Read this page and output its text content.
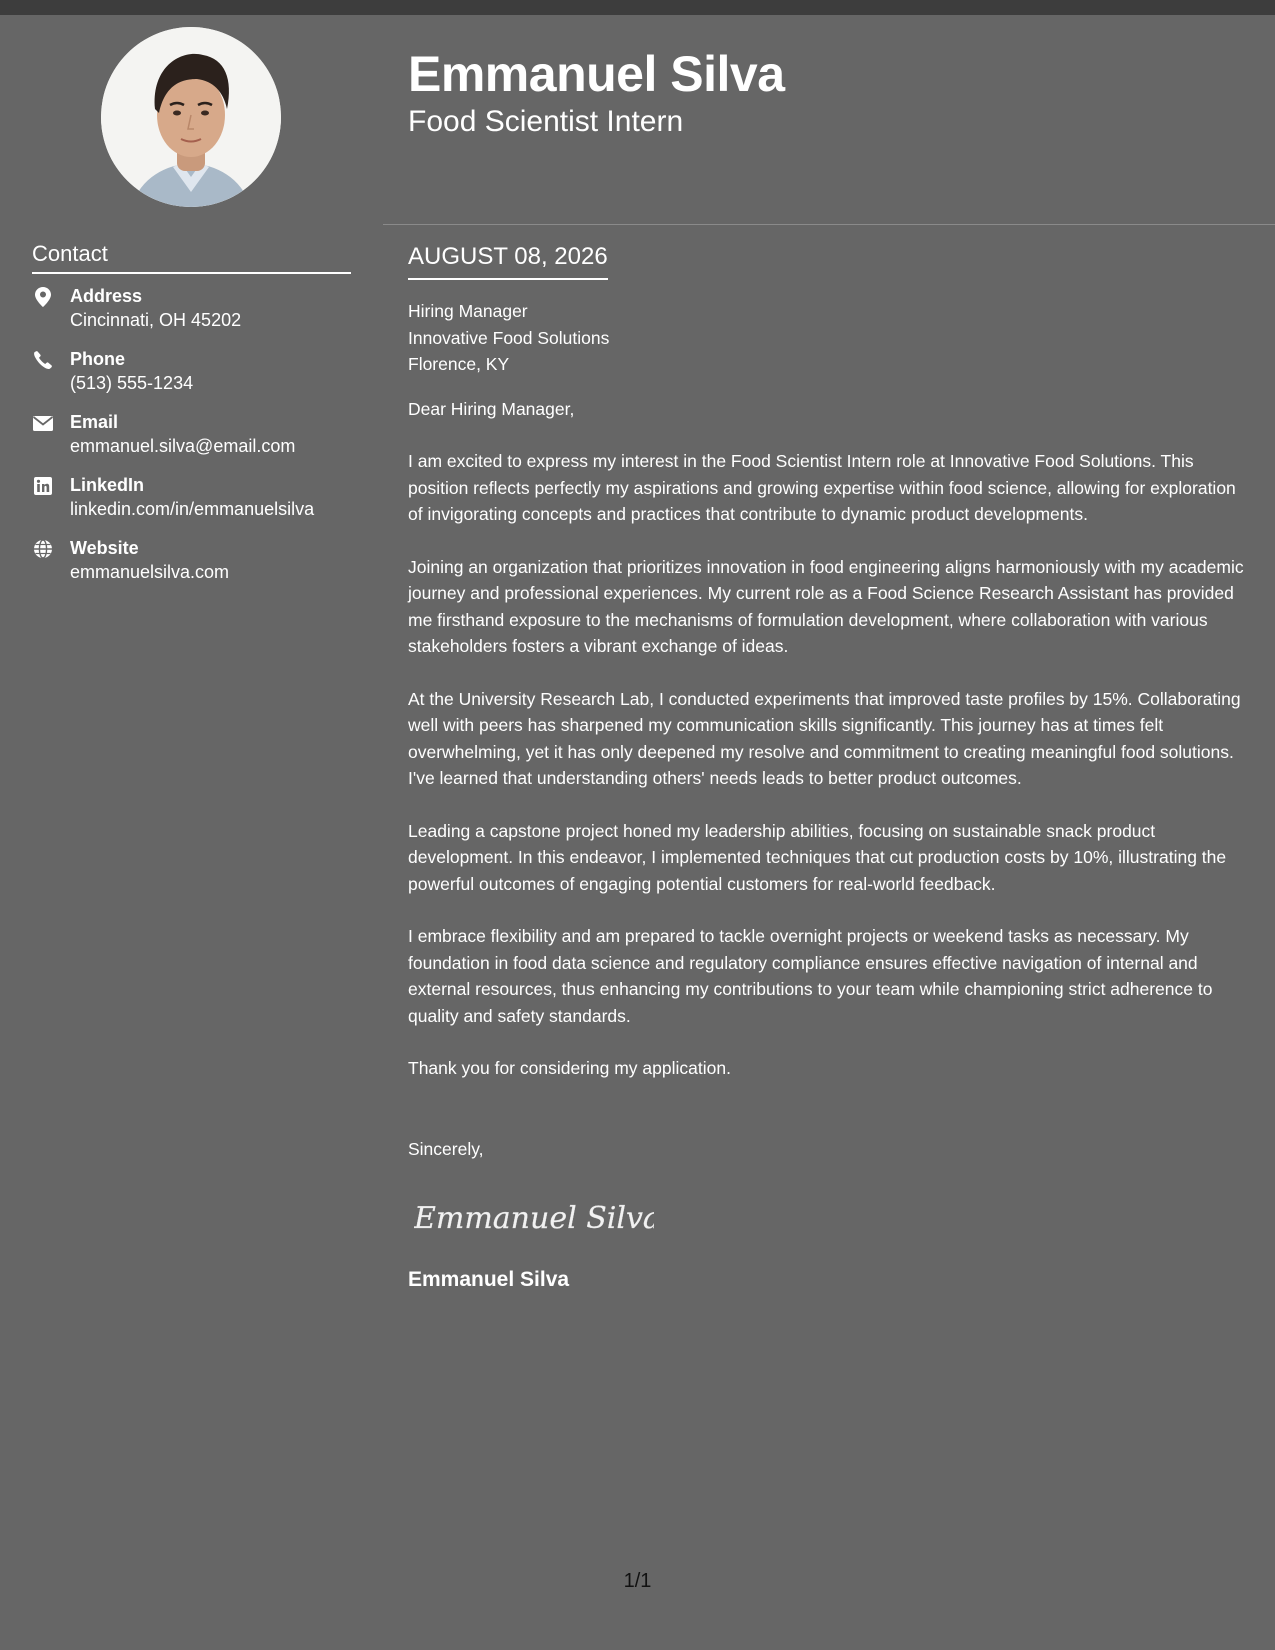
Contact
Address
Cincinnati, OH 45202
Phone
(513) 555-1234
Email
emmanuel.silva@email.com
LinkedIn
linkedin.com/in/emmanuelsilva
Website
emmanuelsilva.com
Emmanuel Silva
Food Scientist Intern
AUGUST 08, 2026
Hiring Manager
Innovative Food Solutions
Florence, KY
Dear Hiring Manager,
I am excited to express my interest in the Food Scientist Intern role at Innovative Food Solutions. This position reflects perfectly my aspirations and growing expertise within food science, allowing for exploration of invigorating concepts and practices that contribute to dynamic product developments.
Joining an organization that prioritizes innovation in food engineering aligns harmoniously with my academic journey and professional experiences. My current role as a Food Science Research Assistant has provided me firsthand exposure to the mechanisms of formulation development, where collaboration with various stakeholders fosters a vibrant exchange of ideas.
At the University Research Lab, I conducted experiments that improved taste profiles by 15%. Collaborating well with peers has sharpened my communication skills significantly. This journey has at times felt overwhelming, yet it has only deepened my resolve and commitment to creating meaningful food solutions. I've learned that understanding others' needs leads to better product outcomes.
Leading a capstone project honed my leadership abilities, focusing on sustainable snack product development. In this endeavor, I implemented techniques that cut production costs by 10%, illustrating the powerful outcomes of engaging potential customers for real-world feedback.
I embrace flexibility and am prepared to tackle overnight projects or weekend tasks as necessary. My foundation in food data science and regulatory compliance ensures effective navigation of internal and external resources, thus enhancing my contributions to your team while championing strict adherence to quality and safety standards.
Thank you for considering my application.
Sincerely,
Emmanuel Silva
Emmanuel Silva
1/1
